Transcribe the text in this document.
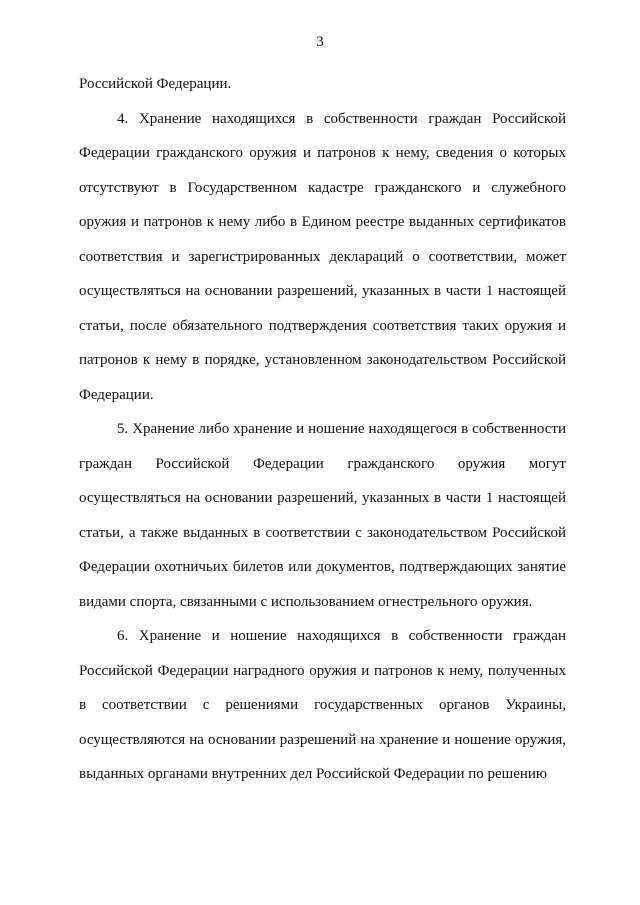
3

Российской Федерации.

4. Хранение находящихся в собственности граждан Российской Федерации гражданского оружия и патронов к нему, сведения о которых отсутствуют в Государственном кадастре гражданского и служебного оружия и патронов к нему либо в Едином реестре выданных сертификатов соответствия и зарегистрированных деклараций о соответствии, может осуществляться на основании разрешений, указанных в части 1 настоящей статьи, после обязательного подтверждения соответствия таких оружия и патронов к нему в порядке, установленном законодательством Российской Федерации.

5. Хранение либо хранение и ношение находящегося в собственности граждан Российской Федерации гражданского оружия могут осуществляться на основании разрешений, указанных в части 1 настоящей статьи, а также выданных в соответствии с законодательством Российской Федерации охотничьих билетов или документов, подтверждающих занятие видами спорта, связанными с использованием огнестрельного оружия.

6. Хранение и ношение находящихся в собственности граждан Российской Федерации наградного оружия и патронов к нему, полученных в соответствии с решениями государственных органов Украины, осуществляются на основании разрешений на хранение и ношение оружия, выданных органами внутренних дел Российской Федерации по решению
